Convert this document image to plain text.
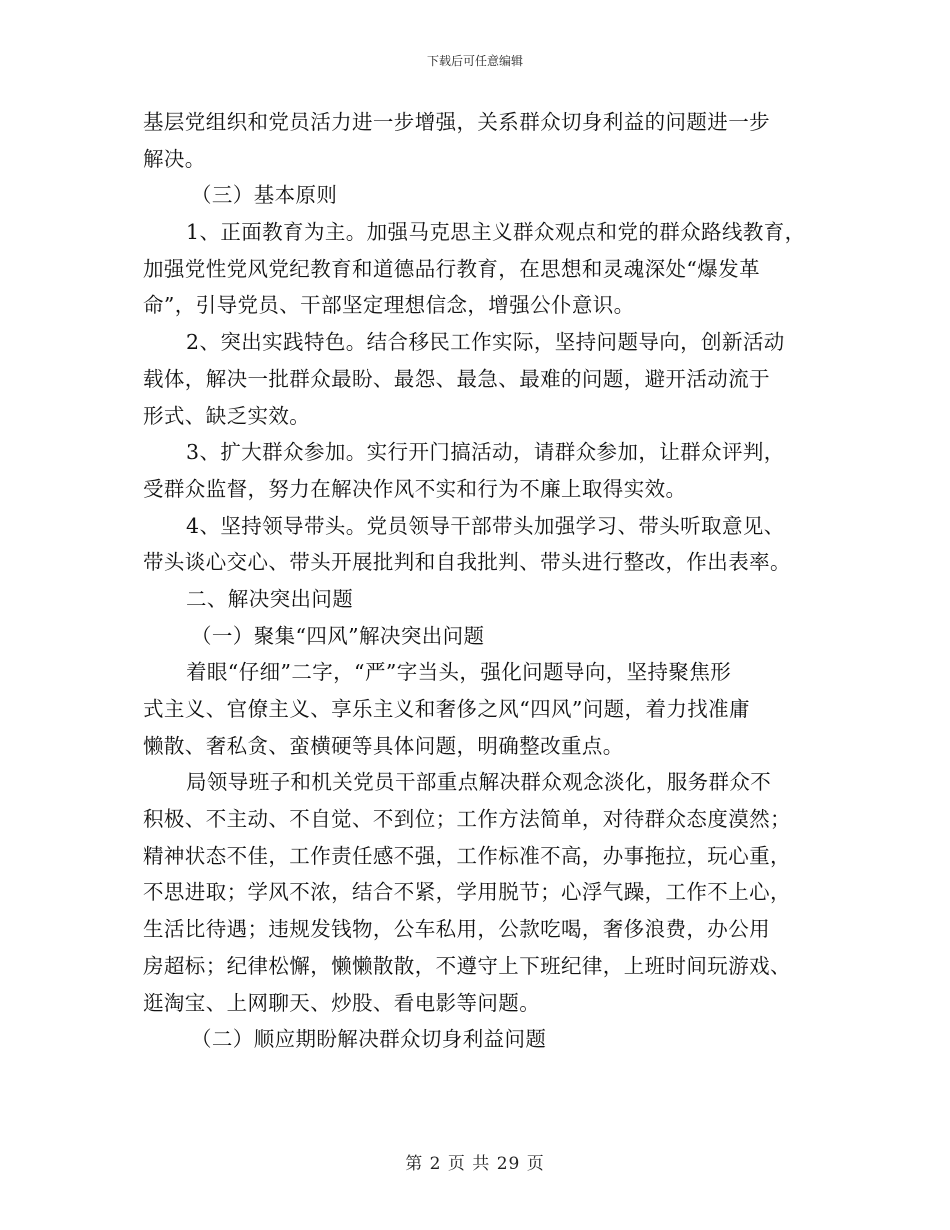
下载后可任意编辑
基层党组织和党员活力进一步增强，关系群众切身利益的问题进一步
解决。
（三）基本原则
1、正面教育为主。加强马克思主义群众观点和党的群众路线教育，
加强党性党风党纪教育和道德品行教育，在思想和灵魂深处“爆发革
命”，引导党员、干部坚定理想信念，增强公仆意识。
2、突出实践特色。结合移民工作实际，坚持问题导向，创新活动
载体，解决一批群众最盼、最怨、最急、最难的问题，避开活动流于
形式、缺乏实效。
3、扩大群众参加。实行开门搞活动，请群众参加，让群众评判，
受群众监督，努力在解决作风不实和行为不廉上取得实效。
4、坚持领导带头。党员领导干部带头加强学习、带头听取意见、
带头谈心交心、带头开展批判和自我批判、带头进行整改，作出表率。
二、解决突出问题
（一）聚集“四风”解决突出问题
着眼“仔细”二字，“严”字当头，强化问题导向，坚持聚焦形
式主义、官僚主义、享乐主义和奢侈之风“四风”问题，着力找准庸
懒散、奢私贪、蛮横硬等具体问题，明确整改重点。
局领导班子和机关党员干部重点解决群众观念淡化，服务群众不
积极、不主动、不自觉、不到位；工作方法简单，对待群众态度漠然；
精神状态不佳，工作责任感不强，工作标准不高，办事拖拉，玩心重，
不思进取；学风不浓，结合不紧，学用脱节；心浮气躁，工作不上心，
生活比待遇；违规发钱物，公车私用，公款吃喝，奢侈浪费，办公用
房超标；纪律松懈，懒懒散散，不遵守上下班纪律，上班时间玩游戏、
逛淘宝、上网聊天、炒股、看电影等问题。
（二）顺应期盼解决群众切身利益问题
第 2 页 共 29 页
